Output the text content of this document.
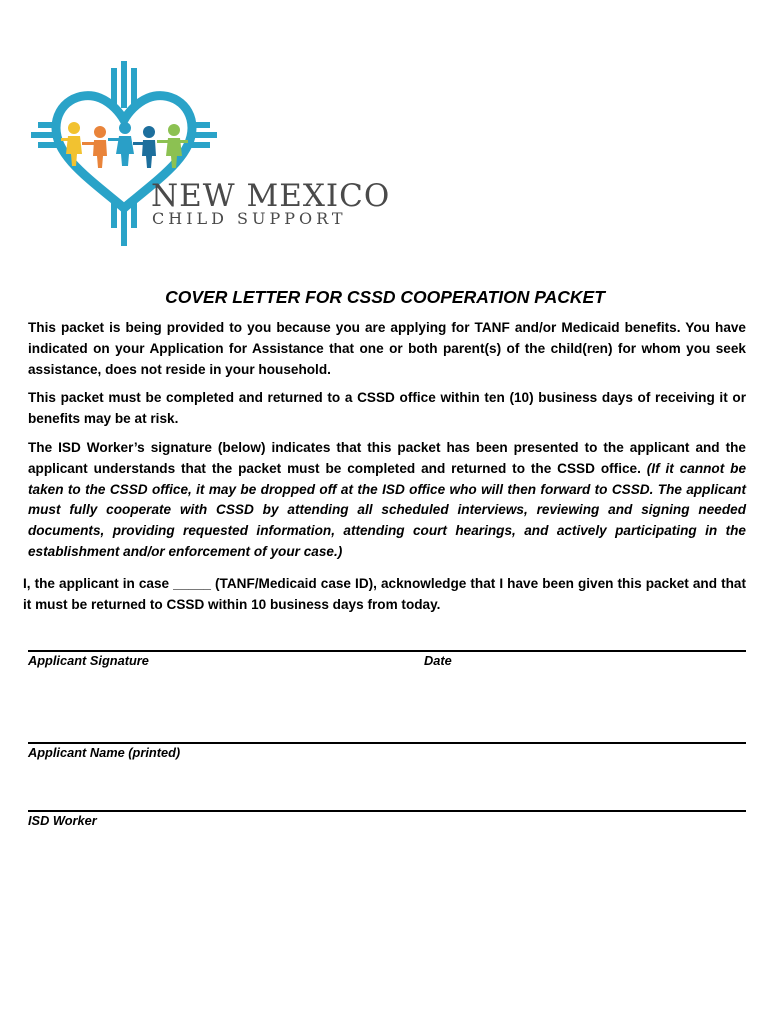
NEW MEXICO
CHILD SUPPORT
COVER LETTER FOR CSSD COOPERATION PACKET

This packet is being provided to you because you are applying for TANF and/or Medicaid benefits. You have indicated on your Application for Assistance that one or both parent(s) of the child(ren) for whom you seek assistance, does not reside in your household.

This packet must be completed and returned to a CSSD office within ten (10) business days of receiving it or benefits may be at risk.

The ISD Worker’s signature (below) indicates that this packet has been presented to the applicant and the applicant understands that the packet must be completed and returned to the CSSD office. (If it cannot be taken to the CSSD office, it may be dropped off at the ISD office who will then forward to CSSD. The applicant must fully cooperate with CSSD by attending all scheduled interviews, reviewing and signing needed documents, providing requested information, attending court hearings, and actively participating in the establishment and/or enforcement of your case.)

I, the applicant in case _____ (TANF/Medicaid case ID), acknowledge that I have been given this packet and that it must be returned to CSSD within 10 business days from today.

Applicant Signature	Date
Applicant Name (printed)
ISD Worker
